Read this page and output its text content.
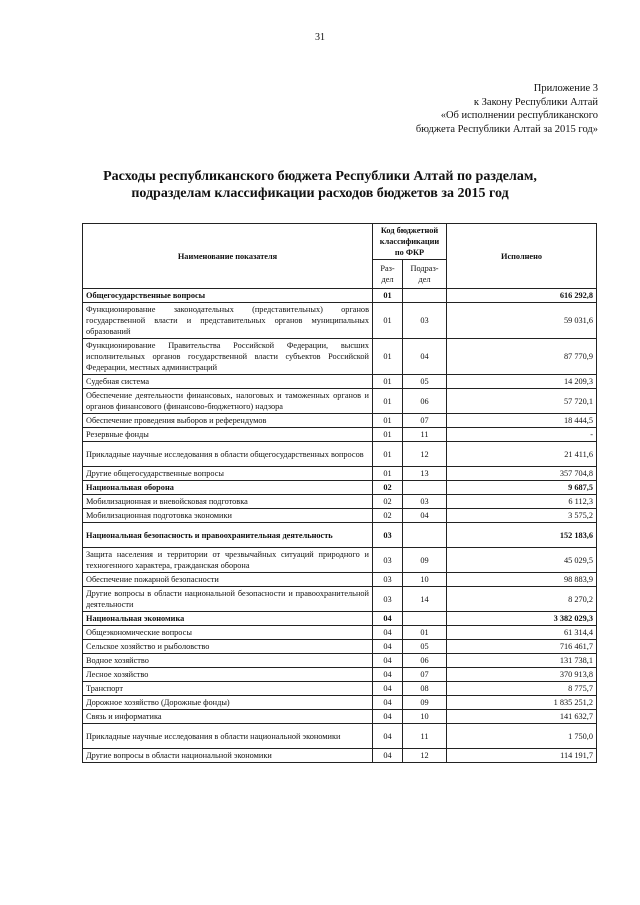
31
Приложение 3
к Закону Республики Алтай
«Об исполнении республиканского
бюджета Республики Алтай за 2015 год»
Расходы республиканского бюджета Республики Алтай по разделам,
подразделам классификации расходов бюджетов за 2015 год
Наименование показателя	Код бюджетной классификации по ФКР		Исполнено
	Раз-дел	Подраз-дел	
Общегосударственные вопросы	01		616 292,8
Функционирование законодательных (представительных) органов государственной власти и представительных органов муниципальных образований	01	03	59 031,6
Функционирование Правительства Российской Федерации, высших исполнительных органов государственной власти субъектов Российской Федерации, местных администраций	01	04	87 770,9
Судебная система	01	05	14 209,3
Обеспечение деятельности финансовых, налоговых и таможенных органов и органов финансового (финансово-бюджетного) надзора	01	06	57 720,1
Обеспечение проведения выборов и референдумов	01	07	18 444,5
Резервные фонды	01	11	-
Прикладные научные исследования в области общегосударственных вопросов	01	12	21 411,6
Другие общегосударственные вопросы	01	13	357 704,8
Национальная оборона	02		9 687,5
Мобилизационная и вневойсковая подготовка	02	03	6 112,3
Мобилизационная подготовка экономики	02	04	3 575,2
Национальная безопасность и правоохранительная деятельность	03		152 183,6
Защита населения и территории от чрезвычайных ситуаций природного и техногенного характера, гражданская оборона	03	09	45 029,5
Обеспечение пожарной безопасности	03	10	98 883,9
Другие вопросы в области национальной безопасности и правоохранительной деятельности	03	14	8 270,2
Национальная экономика	04		3 382 029,3
Общеэкономические вопросы	04	01	61 314,4
Сельское хозяйство и рыболовство	04	05	716 461,7
Водное хозяйство	04	06	131 738,1
Лесное хозяйство	04	07	370 913,8
Транспорт	04	08	8 775,7
Дорожное хозяйство (Дорожные фонды)	04	09	1 835 251,2
Связь и информатика	04	10	141 632,7
Прикладные научные исследования в области национальной экономики	04	11	1 750,0
Другие вопросы в области национальной экономики	04	12	114 191,7
